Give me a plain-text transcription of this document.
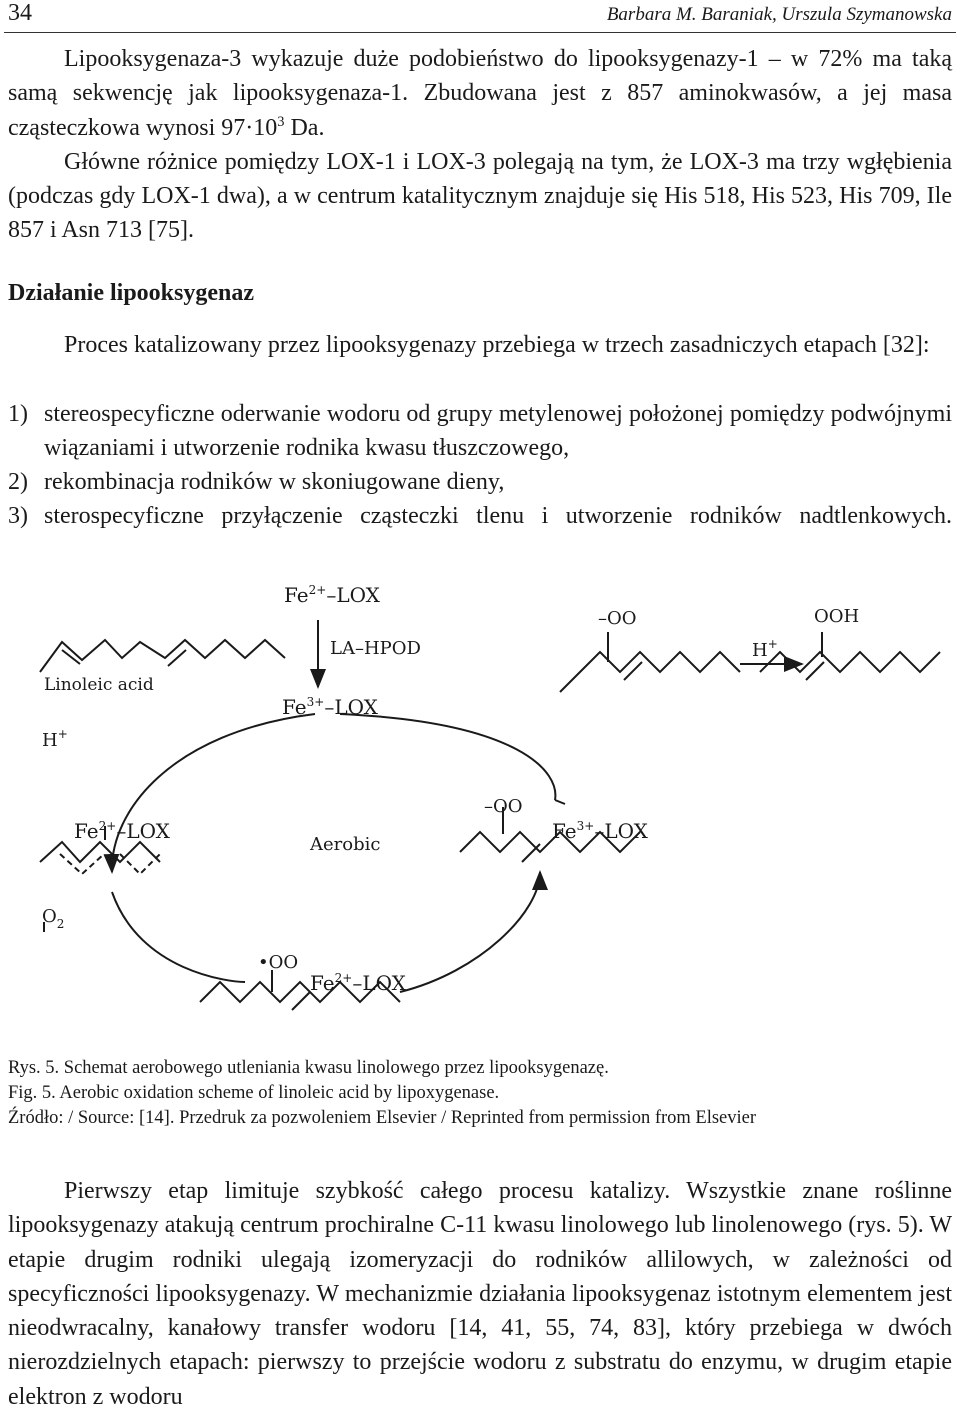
34	Barbara M. Baraniak, Urszula Szymanowska

Lipooksygenaza-3 wykazuje duże podobieństwo do lipooksygenazy-1 – w 72% ma taką samą sekwencję jak lipooksygenaza-1. Zbudowana jest z 857 aminokwasów, a jej masa cząsteczkowa wynosi $97\cdot 10^3$ Da.

Główne różnice pomiędzy LOX-1 i LOX-3 polegają na tym, że LOX-3 ma trzy wgłębienia (podczas gdy LOX-1 dwa), a w centrum katalitycznym znajduje się His 518, His 523, His 709, Ile 857 i Asn 713 [75].

Działanie lipooksygenaz

Proces katalizowany przez lipooksygenazy przebiega w trzech zasadniczych etapach [32]:

1) stereospecyficzne oderwanie wodoru od grupy metylenowej położonej pomiędzy podwójnymi wiązaniami i utworzenie rodnika kwasu tłuszczowego,
2) rekombinacja rodników w skoniugowane dieny,
3) sterospecyficzne przyłączenie cząsteczki tlenu i utworzenie rodników nadtlenkowych.
$Fe^{2+}$–LOX
LA–HPOD
$Fe^{3+}$–LOX
Linoleic acid
H+
–OO	OOH
H+
$Fe^{2+}$–LOX
Aerobic
–OO
$Fe^{3+}$–LOX
$O_2$
•OO
$Fe^{2+}$–LOX
Rys. 5. Schemat aerobowego utleniania kwasu linolowego przez lipooksygenazę.
Fig. 5. Aerobic oxidation scheme of linoleic acid by lipoxygenase.
Źródło: / Source: [14]. Przedruk za pozwoleniem Elsevier / Reprinted from permission from Elsevier

Pierwszy etap limituje szybkość całego procesu katalizy. Wszystkie znane roślinne lipooksygenazy atakują centrum prochiralne C-11 kwasu linolowego lub linolenowego (rys. 5). W etapie drugim rodniki ulegają izomeryzacji do rodników allilowych, w zależności od specyficzności lipooksygenazy. W mechanizmie działania lipooksygenaz istotnym elementem jest nieodwracalny, kanałowy transfer wodoru [14, 41, 55, 74, 83], który przebiega w dwóch nierozdzielnych etapach: pierwszy to przejście wodoru z substratu do enzymu, w drugim etapie elektron z wodoru
